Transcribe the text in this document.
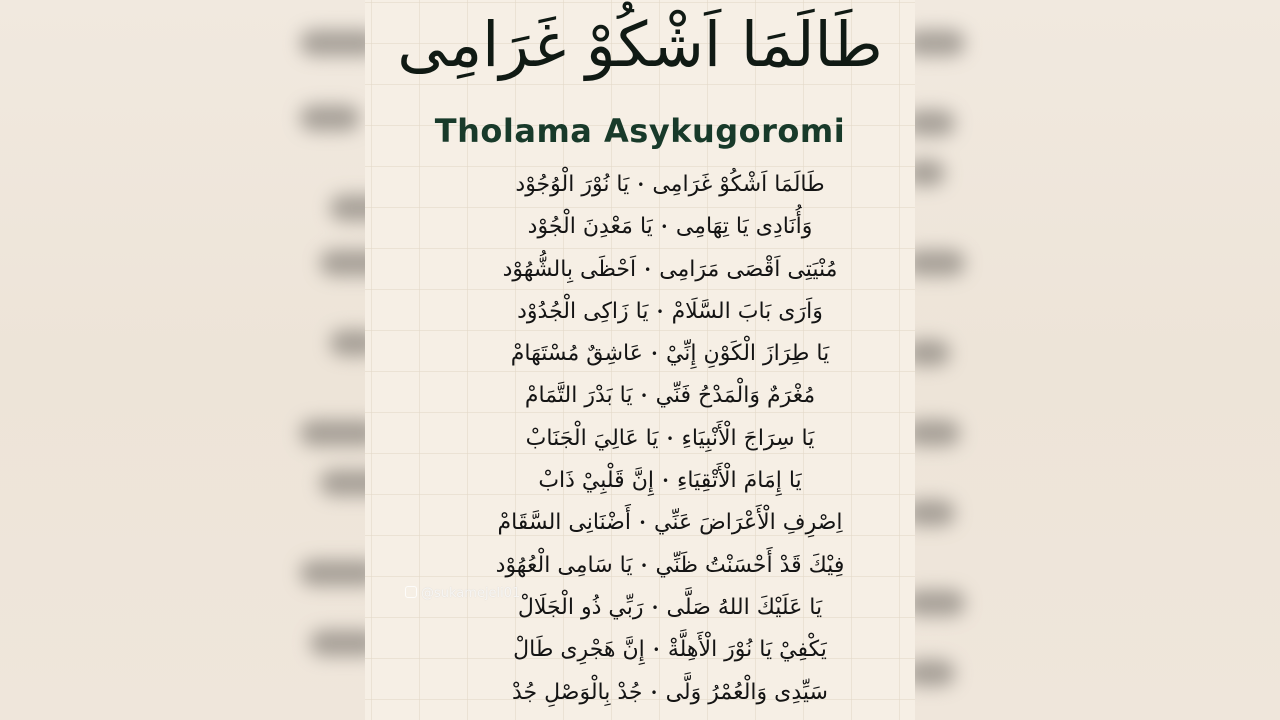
طَالَمَا اَشْكُوْ غَرَامِى
Tholama Asykugoromi
طَالَمَا اَشْكُوْ غَرَامِى•يَا نُوْرَ الْوُجُوْد
وَأُنَادِى يَا تِهَامِى•يَا مَعْدِنَ الْجُوْد
مُنْيَتِى اَقْصَى مَرَامِى•اَحْظَى بِالشُّهُوْد
وَاَرَى بَابَ السَّلَامْ•يَا زَاكِى الْجُدُوْد
يَا طِرَازَ الْكَوْنِ إِنِّيْ•عَاشِقٌ مُسْتَهَامْ
مُغْرَمٌ وَالْمَدْحُ فَنِّي•يَا بَدْرَ التَّمَامْ
يَا سِرَاجَ الْأَنْبِيَاءِ•يَا عَالِيَ الْجَنَابْ
يَا إِمَامَ الْأَتْقِيَاءِ•إِنَّ قَلْبِيْ ذَابْ
اِصْرِفِ الْأَعْرَاضَ عَنِّي•أَضْنَانِى السَّقَامْ
فِيْكَ قَدْ أَحْسَنْتُ ظَنِّي•يَا سَامِى الْعُهُوْد
يَا عَلَيْكَ اللهُ صَلَّى•رَبِّي ذُو الْجَلَالْ
يَكْفِيْ يَا نُوْرَ الْأَهِلَّةْ•إِنَّ هَجْرِى طَالْ
سَيِّدِى وَالْعُمْرُ وَلَّى•جُدْ بِالْوَصْلِ جُدْ
@sukamejeli01
